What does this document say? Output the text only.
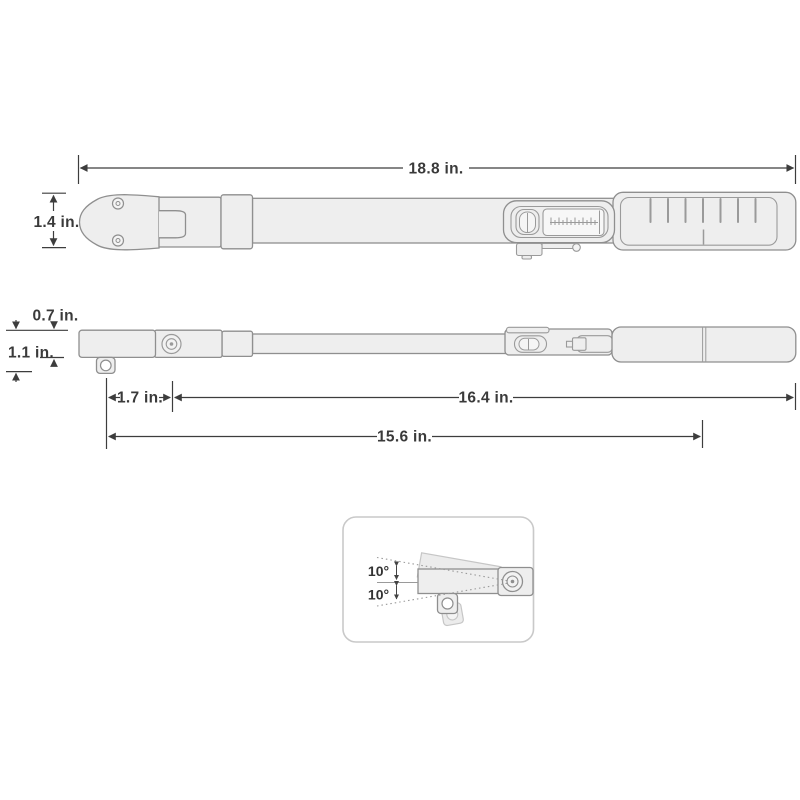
18.8 in.
1.4 in.
0.7 in.
1.1 in.
1.7 in.	16.4 in.
15.6 in.
10°
10°
